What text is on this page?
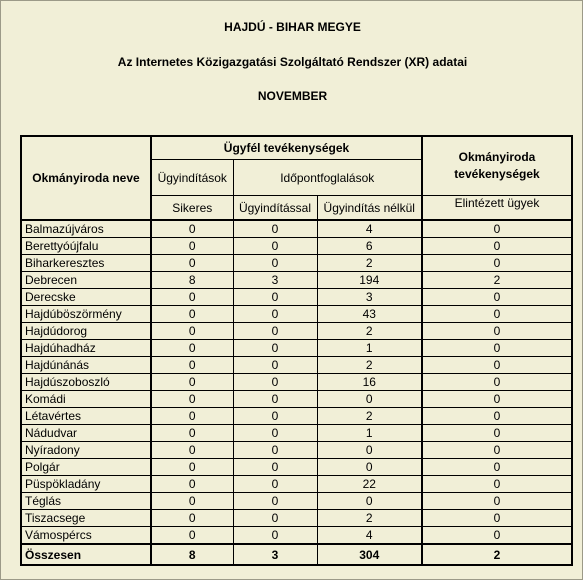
HAJDÚ - BIHAR MEGYE
Az Internetes Közigazgatási Szolgáltató Rendszer (XR) adatai
NOVEMBER
Okmányiroda neve	Ügyfél tevékenységek			Okmányiroda tevékenységek

	Ügyindítások	Időpontfoglalások		
	Sikeres	Ügyindítással	Ügyindítás nélkül	Elintézett ügyek
Balmazújváros	0	0	4	0
Berettyóújfalu	0	0	6	0
Biharkeresztes	0	0	2	0
Debrecen	8	3	194	2
Derecske	0	0	3	0
Hajdúböszörmény	0	0	43	0
Hajdúdorog	0	0	2	0
Hajdúhadház	0	0	1	0
Hajdúnánás	0	0	2	0
Hajdúszoboszló	0	0	16	0
Komádi	0	0	0	0
Létavértes	0	0	2	0
Nádudvar	0	0	1	0
Nyíradony	0	0	0	0
Polgár	0	0	0	0
Püspökladány	0	0	22	0
Téglás	0	0	0	0
Tiszacsege	0	0	2	0
Vámospércs	0	0	4	0
Összesen	8	3	304	2
